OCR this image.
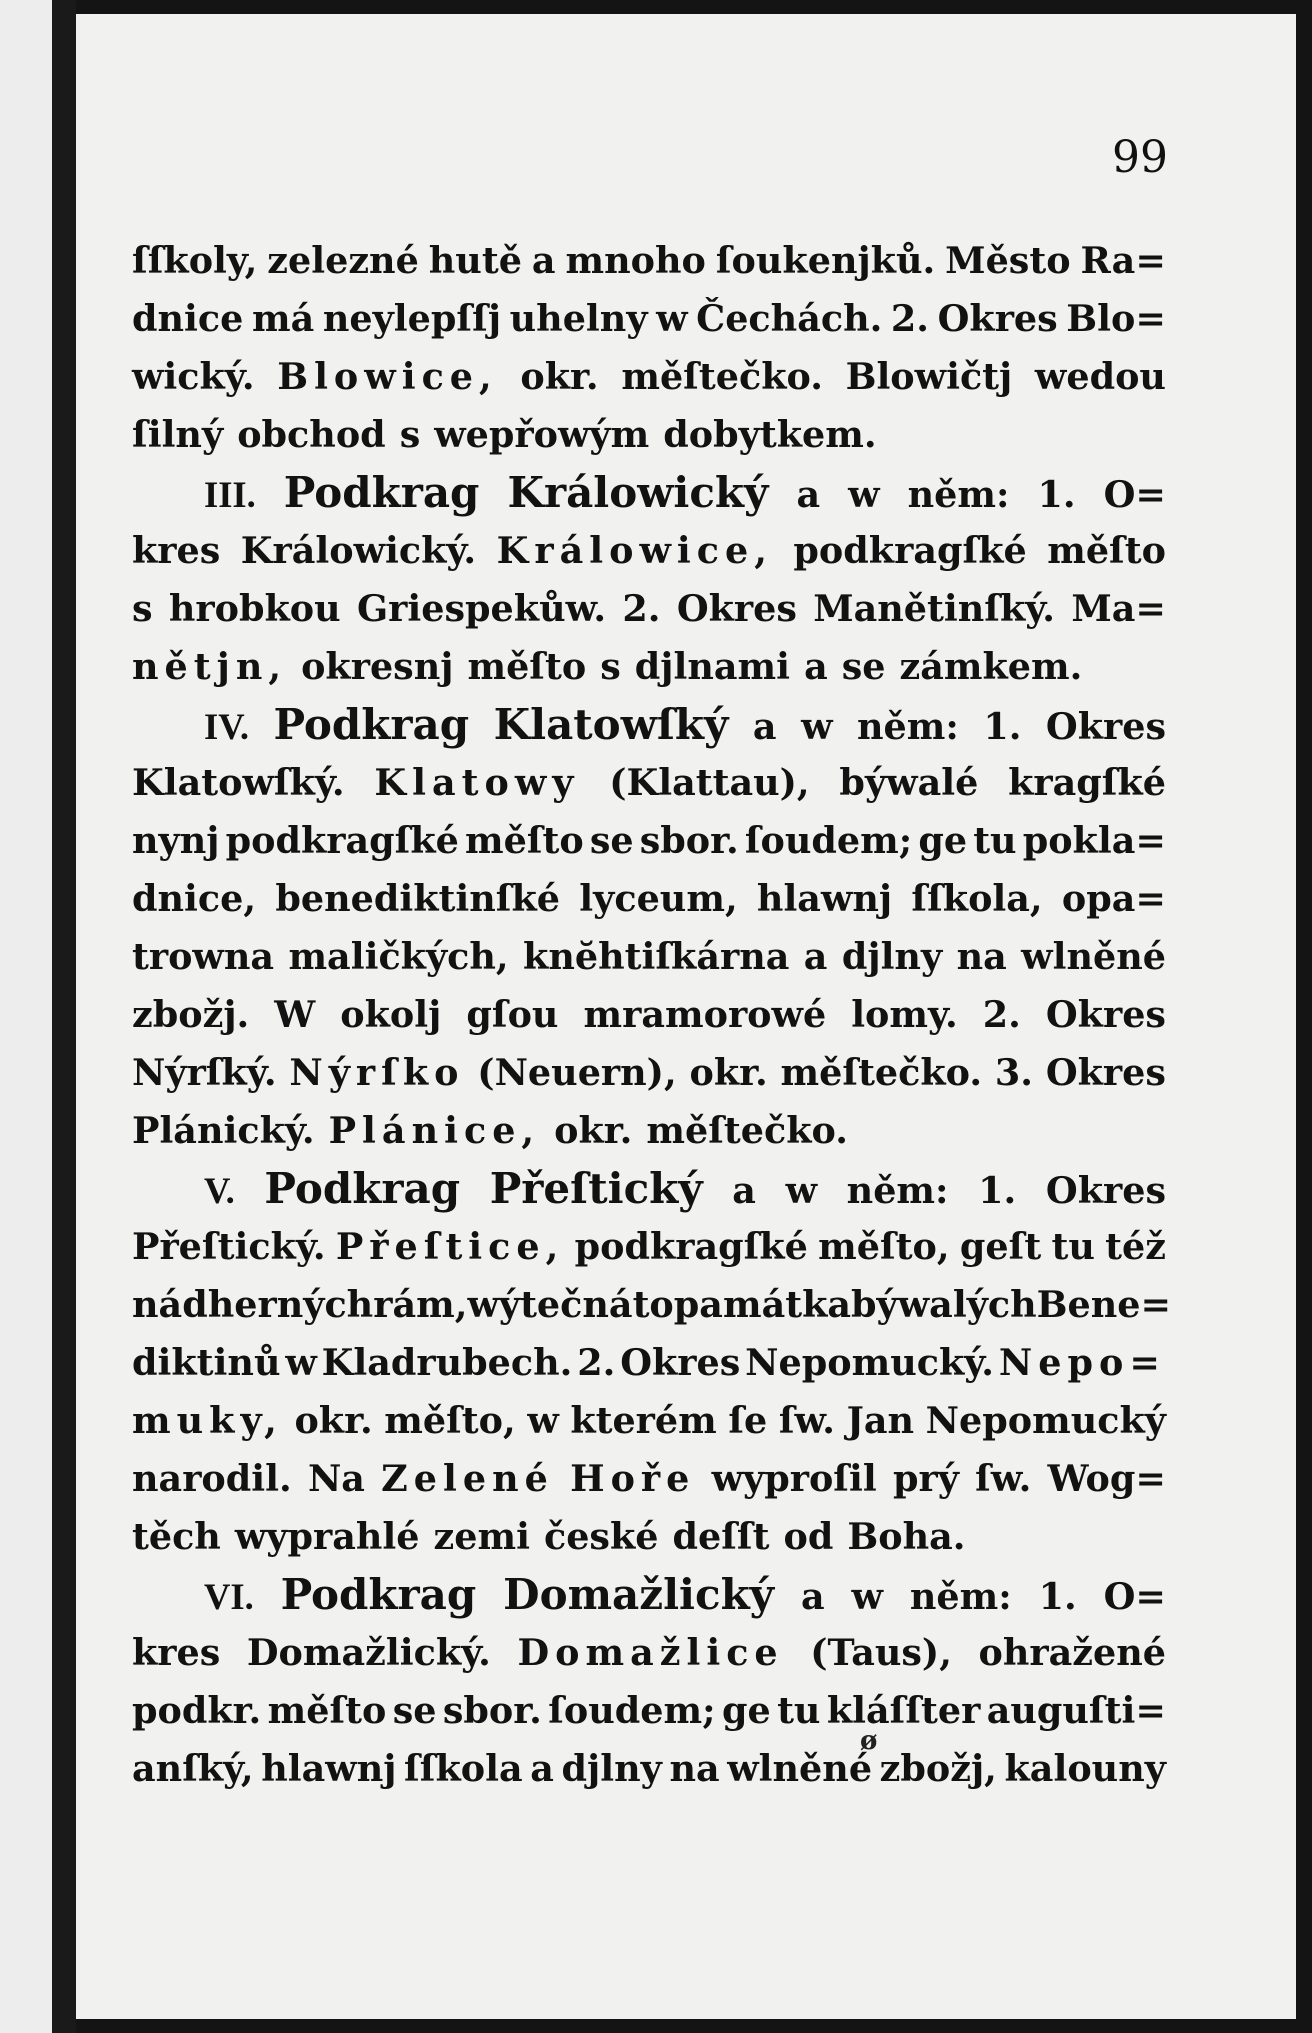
99
ſſkoly, zelezné hutě a mnoho ſoukenjků. Město Ra=
dnice má neylepſſj uhelny w Čechách. 2. Okres Blo=
wický. Blowice, okr. měſtečko. Blowičtj wedou
ſilný obchod s wepřowým dobytkem.
III. Podkrag Králowický a w něm: 1. O=
kres Králowický. Králowice, podkragſké měſto
s hrobkou Griespekůw. 2. Okres Manětinſký. Ma=
nětjn, okresnj měſto s djlnami a se zámkem.
IV. Podkrag Klatowſký a w něm: 1. Okres
Klatowſký. Klatowy (Klattau), býwalé kragſké
nynj podkragſké měſto se sbor. ſoudem; ge tu pokla=
dnice, benediktinſké lyceum, hlawnj ſſkola, opa=
trowna maličkých, knĕhtiſkárna a djlny na wlněné
zbožj. W okolj gſou mramorowé lomy. 2. Okres
Nýrſký. Nýrſko (Neuern), okr. měſtečko. 3. Okres
Plánický. Plánice, okr. měſtečko.
V. Podkrag Přeſtický a w něm: 1. Okres
Přeſtický. Přeſtice, podkragſké měſto, geſt tu též
nádherný chrám, wýtečná to památka býwalých Bene=
diktinů w Kladrubech. 2. Okres Nepomucký. Nepo=
muky, okr. měſto, w kterém ſe ſw. Jan Nepomucký
narodil. Na Zelené Hoře wyproſil prý ſw. Wog=
těch wyprahlé zemi české deſſt od Boha.
VI. Podkrag Domažlický a w něm: 1. O=
kres Domažlický. Domažlice (Taus), ohražené
podkr. měſto se sbor. ſoudem; ge tu kláſſter auguſti=
anſký, hlawnj ſſkola a djlny na wlněné zbožj, kalouny
ø
